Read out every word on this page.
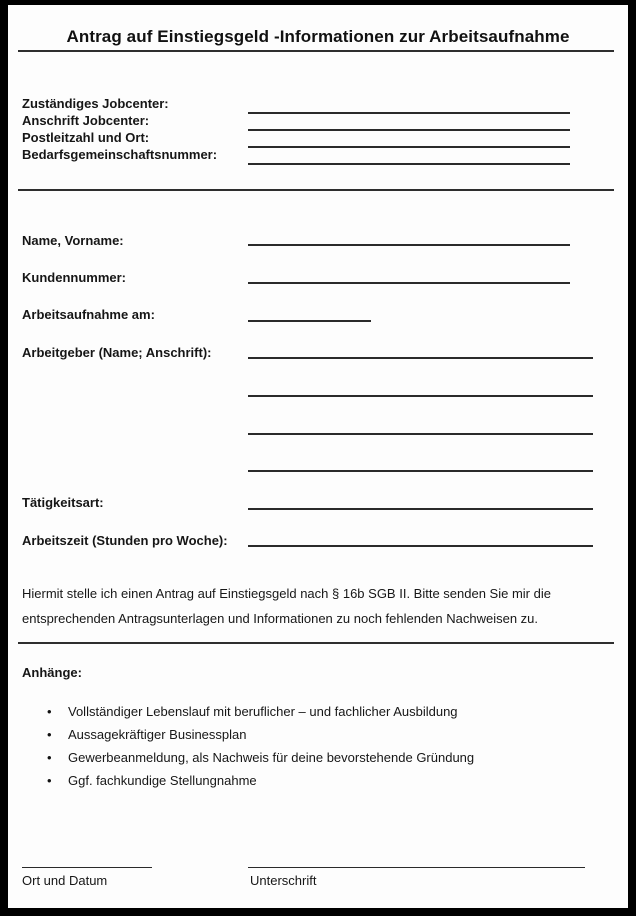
Antrag auf Einstiegsgeld -Informationen zur Arbeitsaufnahme
Zuständiges Jobcenter:
Anschrift Jobcenter:
Postleitzahl und Ort:
Bedarfsgemeinschaftsnummer:
Name, Vorname:
Kundennummer:
Arbeitsaufnahme am:
Arbeitgeber (Name; Anschrift):
Tätigkeitsart:
Arbeitszeit (Stunden pro Woche):
Hiermit stelle ich einen Antrag auf Einstiegsgeld nach § 16b SGB II. Bitte senden Sie mir die entsprechenden Antragsunterlagen und Informationen zu noch fehlenden Nachweisen zu.
Anhänge:
• Vollständiger Lebenslauf mit beruflicher – und fachlicher Ausbildung
• Aussagekräftiger Businessplan
• Gewerbeanmeldung, als Nachweis für deine bevorstehende Gründung
• Ggf. fachkundige Stellungnahme
Ort und Datum	Unterschrift
